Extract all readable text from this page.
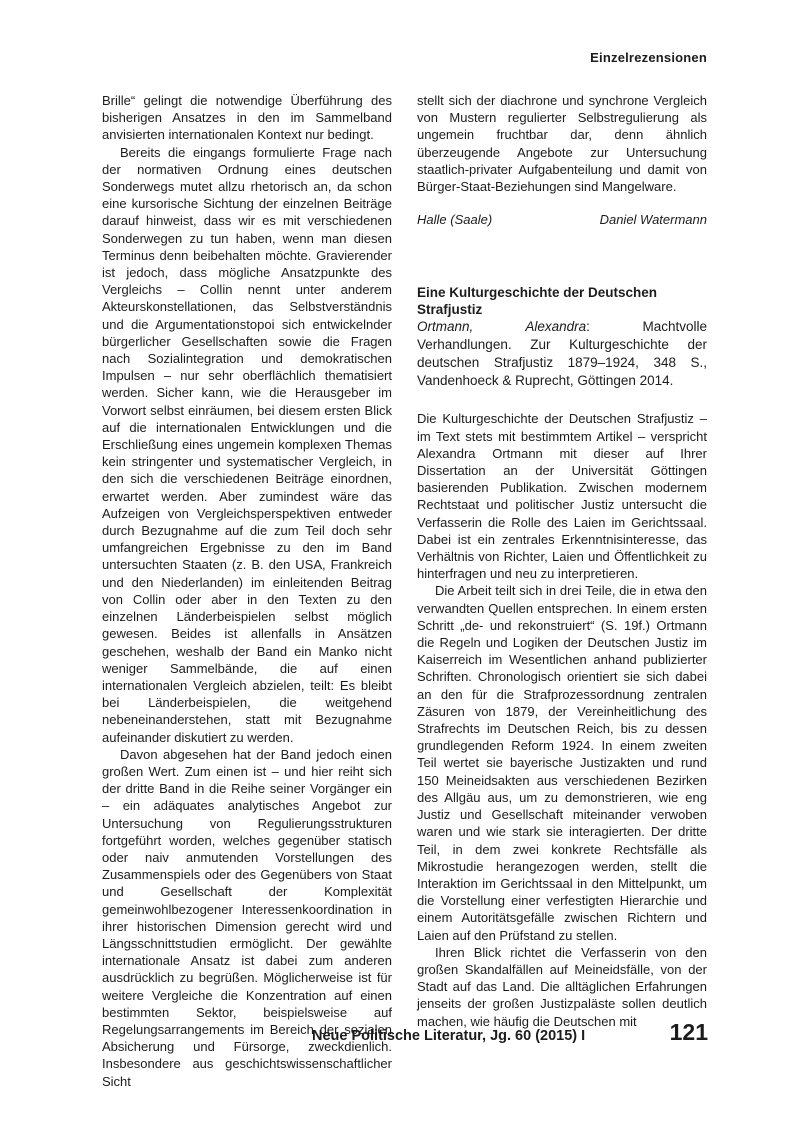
Einzelrezensionen

Brille“ gelingt die notwendige Überführung des bisherigen Ansatzes in den im Sammelband anvisierten internationalen Kontext nur bedingt.

Bereits die eingangs formulierte Frage nach der normativen Ordnung eines deutschen Sonderwegs mutet allzu rhetorisch an, da schon eine kursorische Sichtung der einzelnen Beiträge darauf hinweist, dass wir es mit verschiedenen Sonderwegen zu tun haben, wenn man diesen Terminus denn beibehalten möchte. Gravierender ist jedoch, dass mögliche Ansatzpunkte des Vergleichs – Collin nennt unter anderem Akteurskonstellationen, das Selbstverständnis und die Argumentationstopoi sich entwickelnder bürgerlicher Gesellschaften sowie die Fragen nach Sozialintegration und demokratischen Impulsen – nur sehr oberflächlich thematisiert werden. Sicher kann, wie die Herausgeber im Vorwort selbst einräumen, bei diesem ersten Blick auf die internationalen Entwicklungen und die Erschließung eines ungemein komplexen Themas kein stringenter und systematischer Vergleich, in den sich die verschiedenen Beiträge einordnen, erwartet werden. Aber zumindest wäre das Aufzeigen von Vergleichsperspektiven entweder durch Bezugnahme auf die zum Teil doch sehr umfangreichen Ergebnisse zu den im Band untersuchten Staaten (z. B. den USA, Frankreich und den Niederlanden) im einleitenden Beitrag von Collin oder aber in den Texten zu den einzelnen Länderbeispielen selbst möglich gewesen. Beides ist allenfalls in Ansätzen geschehen, weshalb der Band ein Manko nicht weniger Sammelbände, die auf einen internationalen Vergleich abzielen, teilt: Es bleibt bei Länderbeispielen, die weitgehend nebeneinanderstehen, statt mit Bezugnahme aufeinander diskutiert zu werden.

Davon abgesehen hat der Band jedoch einen großen Wert. Zum einen ist – und hier reiht sich der dritte Band in die Reihe seiner Vorgänger ein – ein adäquates analytisches Angebot zur Untersuchung von Regulierungsstrukturen fortgeführt worden, welches gegenüber statisch oder naiv anmutenden Vorstellungen des Zusammenspiels oder des Gegenübers von Staat und Gesellschaft der Komplexität gemeinwohlbezogener Interessenkoordination in ihrer historischen Dimension gerecht wird und Längsschnittstudien ermöglicht. Der gewählte internationale Ansatz ist dabei zum anderen ausdrücklich zu begrüßen. Möglicherweise ist für weitere Vergleiche die Konzentration auf einen bestimmten Sektor, beispielsweise auf Regelungsarrangements im Bereich der sozialen Absicherung und Fürsorge, zweckdienlich. Insbesondere aus geschichtswissenschaftlicher Sicht

stellt sich der diachrone und synchrone Vergleich von Mustern regulierter Selbstregulierung als ungemein fruchtbar dar, denn ähnlich überzeugende Angebote zur Untersuchung staatlich-privater Aufgabenteilung und damit von Bürger-Staat-Beziehungen sind Mangelware.

Halle (Saale)	Daniel Watermann
Eine Kulturgeschichte der Deutschen Strafjustiz

Ortmann, Alexandra: Machtvolle Verhandlungen. Zur Kulturgeschichte der deutschen Strafjustiz 1879–1924, 348 S., Vandenhoeck & Ruprecht, Göttingen 2014.

Die Kulturgeschichte der Deutschen Strafjustiz – im Text stets mit bestimmtem Artikel – verspricht Alexandra Ortmann mit dieser auf Ihrer Dissertation an der Universität Göttingen basierenden Publikation. Zwischen modernem Rechtstaat und politischer Justiz untersucht die Verfasserin die Rolle des Laien im Gerichtssaal. Dabei ist ein zentrales Erkenntnisinteresse, das Verhältnis von Richter, Laien und Öffentlichkeit zu hinterfragen und neu zu interpretieren.

Die Arbeit teilt sich in drei Teile, die in etwa den verwandten Quellen entsprechen. In einem ersten Schritt „de- und rekonstruiert“ (S. 19f.) Ortmann die Regeln und Logiken der Deutschen Justiz im Kaiserreich im Wesentlichen anhand publizierter Schriften. Chronologisch orientiert sie sich dabei an den für die Strafprozessordnung zentralen Zäsuren von 1879, der Vereinheitlichung des Strafrechts im Deutschen Reich, bis zu dessen grundlegenden Reform 1924. In einem zweiten Teil wertet sie bayerische Justizakten und rund 150 Meineidsakten aus verschiedenen Bezirken des Allgäu aus, um zu demonstrieren, wie eng Justiz und Gesellschaft miteinander verwoben waren und wie stark sie interagierten. Der dritte Teil, in dem zwei konkrete Rechtsfälle als Mikrostudie herangezogen werden, stellt die Interaktion im Gerichtssaal in den Mittelpunkt, um die Vorstellung einer verfestigten Hierarchie und einem Autoritätsgefälle zwischen Richtern und Laien auf den Prüfstand zu stellen.

Ihren Blick richtet die Verfasserin von den großen Skandalfällen auf Meineidsfälle, von der Stadt auf das Land. Die alltäglichen Erfahrungen jenseits der großen Justizpaläste sollen deutlich machen, wie häufig die Deutschen mit

Neue Politische Literatur, Jg. 60 (2015) I	121
